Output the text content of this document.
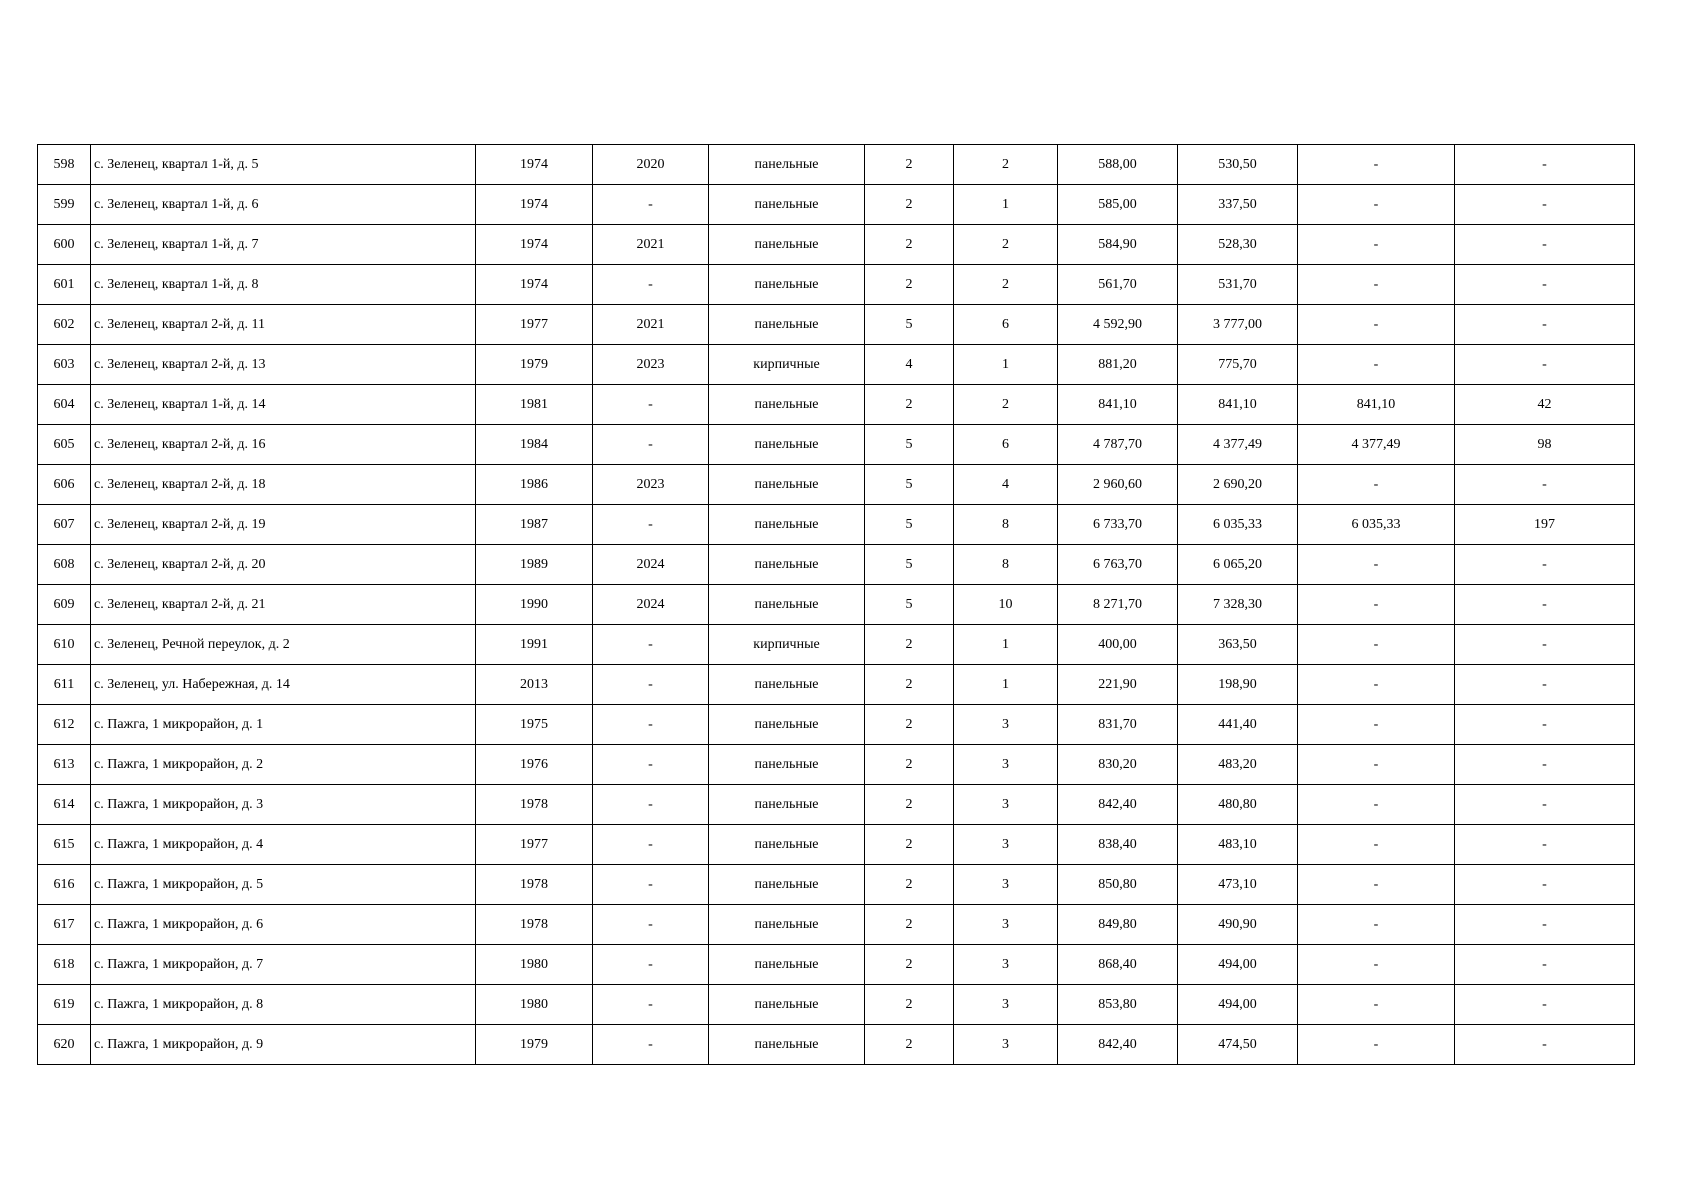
598	с. Зеленец, квартал 1-й, д. 5	1974	2020	панельные	2	2	588,00	530,50	-	-
599	с. Зеленец, квартал 1-й, д. 6	1974	-	панельные	2	1	585,00	337,50	-	-
600	с. Зеленец, квартал 1-й, д. 7	1974	2021	панельные	2	2	584,90	528,30	-	-
601	с. Зеленец, квартал 1-й, д. 8	1974	-	панельные	2	2	561,70	531,70	-	-
602	с. Зеленец, квартал 2-й, д. 11	1977	2021	панельные	5	6	4 592,90	3 777,00	-	-
603	с. Зеленец, квартал 2-й, д. 13	1979	2023	кирпичные	4	1	881,20	775,70	-	-
604	с. Зеленец, квартал 1-й, д. 14	1981	-	панельные	2	2	841,10	841,10	841,10	42
605	с. Зеленец, квартал 2-й, д. 16	1984	-	панельные	5	6	4 787,70	4 377,49	4 377,49	98
606	с. Зеленец, квартал 2-й, д. 18	1986	2023	панельные	5	4	2 960,60	2 690,20	-	-
607	с. Зеленец, квартал 2-й, д. 19	1987	-	панельные	5	8	6 733,70	6 035,33	6 035,33	197
608	с. Зеленец, квартал 2-й, д. 20	1989	2024	панельные	5	8	6 763,70	6 065,20	-	-
609	с. Зеленец, квартал 2-й, д. 21	1990	2024	панельные	5	10	8 271,70	7 328,30	-	-
610	с. Зеленец, Речной переулок, д. 2	1991	-	кирпичные	2	1	400,00	363,50	-	-
611	с. Зеленец, ул. Набережная, д. 14	2013	-	панельные	2	1	221,90	198,90	-	-
612	с. Пажга, 1 микрорайон, д. 1	1975	-	панельные	2	3	831,70	441,40	-	-
613	с. Пажга, 1 микрорайон, д. 2	1976	-	панельные	2	3	830,20	483,20	-	-
614	с. Пажга, 1 микрорайон, д. 3	1978	-	панельные	2	3	842,40	480,80	-	-
615	с. Пажга, 1 микрорайон, д. 4	1977	-	панельные	2	3	838,40	483,10	-	-
616	с. Пажга, 1 микрорайон, д. 5	1978	-	панельные	2	3	850,80	473,10	-	-
617	с. Пажга, 1 микрорайон, д. 6	1978	-	панельные	2	3	849,80	490,90	-	-
618	с. Пажга, 1 микрорайон, д. 7	1980	-	панельные	2	3	868,40	494,00	-	-
619	с. Пажга, 1 микрорайон, д. 8	1980	-	панельные	2	3	853,80	494,00	-	-
620	с. Пажга, 1 микрорайон, д. 9	1979	-	панельные	2	3	842,40	474,50	-	-
